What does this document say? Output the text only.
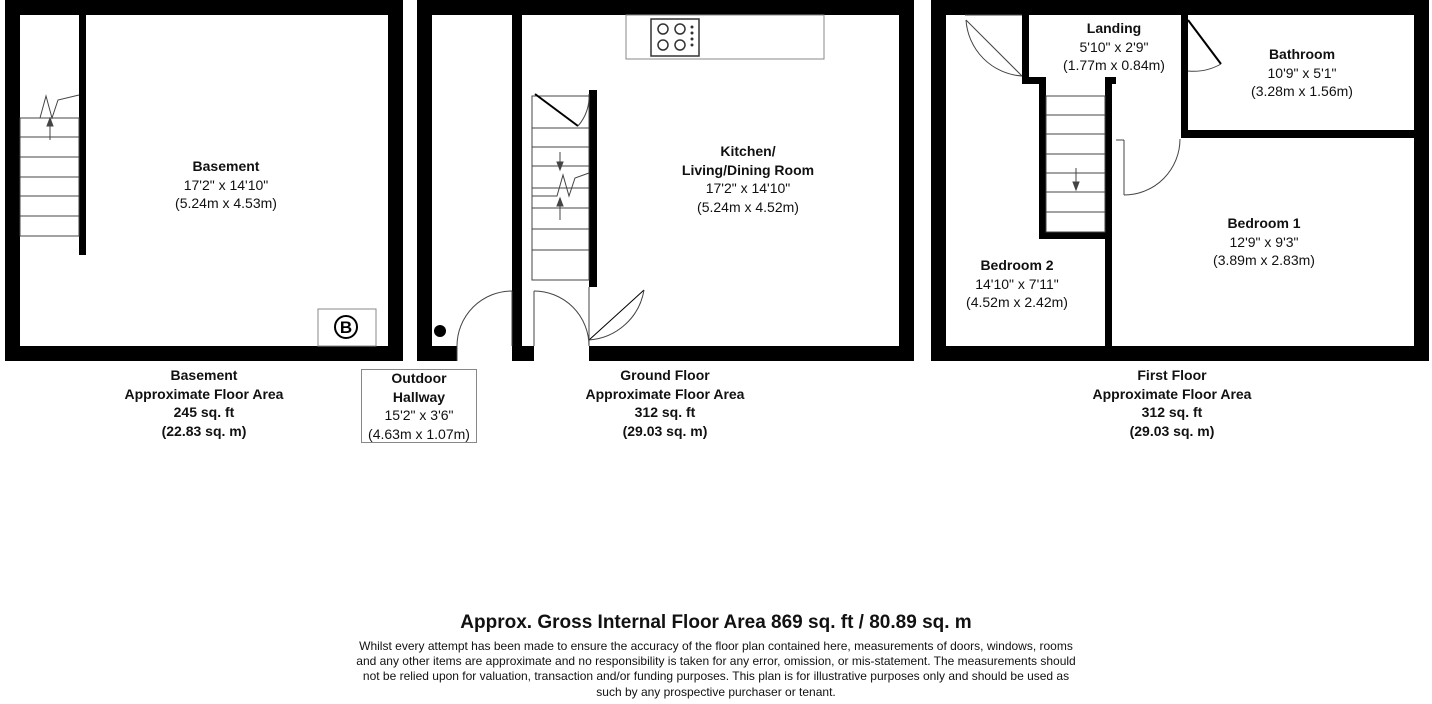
B
Basement
17'2" x 14'10"
(5.24m x 4.53m)
Kitchen/
Living/Dining Room
17'2" x 14'10"
(5.24m x 4.52m)
Outdoor
Hallway
15'2" x 3'6"
(4.63m x 1.07m)
Landing
5'10" x 2'9"
(1.77m x 0.84m)
Bathroom
10'9" x 5'1"
(3.28m x 1.56m)
Bedroom 1
12'9" x 9'3"
(3.89m x 2.83m)
Bedroom 2
14'10" x 7'11"
(4.52m x 2.42m)
Basement
Approximate Floor Area
245 sq. ft
(22.83 sq. m)
Ground Floor
Approximate Floor Area
312 sq. ft
(29.03 sq. m)
First Floor
Approximate Floor Area
312 sq. ft
(29.03 sq. m)
Approx. Gross Internal Floor Area 869 sq. ft / 80.89 sq. m
Whilst every attempt has been made to ensure the accuracy of the floor plan contained here, measurements of doors, windows, rooms and any other items are approximate and no responsibility is taken for any error, omission, or mis-statement. The measurements should not be relied upon for valuation, transaction and/or funding purposes. This plan is for illustrative purposes only and should be used as such by any prospective purchaser or tenant.
